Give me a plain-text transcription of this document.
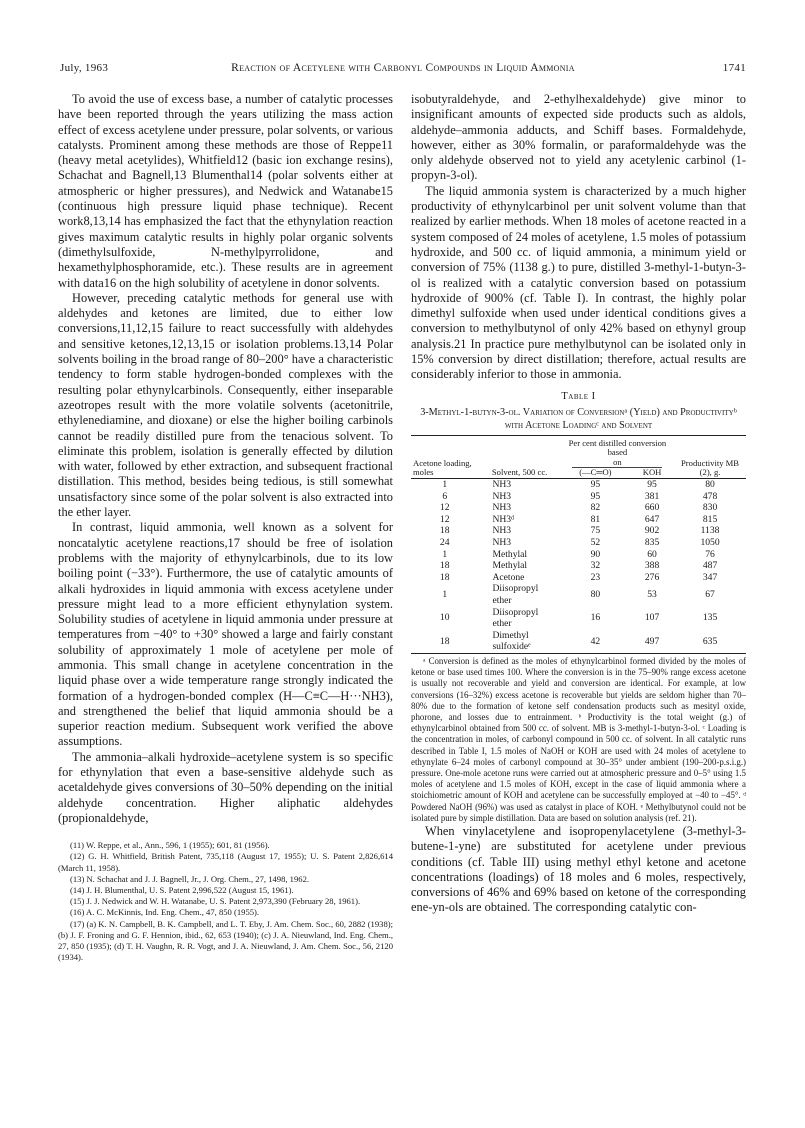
July, 1963	Reaction of Acetylene with Carbonyl Compounds in Liquid Ammonia	1741

To avoid the use of excess base, a number of catalytic processes have been reported through the years utilizing the mass action effect of excess acetylene under pressure, polar solvents, or various catalysts. Prominent among these methods are those of Reppe11 (heavy metal acetylides), Whitfield12 (basic ion exchange resins), Schachat and Bagnell,13 Blumenthal14 (polar solvents either at atmospheric or higher pressures), and Nedwick and Watanabe15 (continuous high pressure liquid phase technique). Recent work8,13,14 has emphasized the fact that the ethynylation reaction gives maximum catalytic results in highly polar organic solvents (dimethylsulfoxide, N-methylpyrrolidone, and hexamethylphosphoramide, etc.). These results are in agreement with data16 on the high solubility of acetylene in donor solvents.

However, preceding catalytic methods for general use with aldehydes and ketones are limited, due to either low conversions,11,12,15 failure to react successfully with aldehydes and sensitive ketones,12,13,15 or isolation problems.13,14 Polar solvents boiling in the broad range of 80–200° have a characteristic tendency to form stable hydrogen-bonded complexes with the resulting polar ethynylcarbinols. Consequently, either inseparable azeotropes result with the more volatile solvents (acetonitrile, ethylenediamine, and dioxane) or else the higher boiling carbinols cannot be readily distilled pure from the tenacious solvent. To eliminate this problem, isolation is generally effected by dilution with water, followed by ether extraction, and subsequent fractional distillation. This method, besides being tedious, is still somewhat unsatisfactory since some of the polar solvent is also extracted into the ether layer.

In contrast, liquid ammonia, well known as a solvent for noncatalytic acetylene reactions,17 should be free of isolation problems with the majority of ethynylcarbinols, due to its low boiling point (−33°). Furthermore, the use of catalytic amounts of alkali hydroxides in liquid ammonia with excess acetylene under pressure might lead to a more efficient ethynylation system. Solubility studies of acetylene in liquid ammonia under pressure at temperatures from −40° to +30° showed a large and fairly constant solubility of approximately 1 mole of acetylene per mole of ammonia. This small change in acetylene concentration in the liquid phase over a wide temperature range strongly indicated the formation of a hydrogen-bonded complex (H—C≡C—H···NH3), and strengthened the belief that liquid ammonia should be a superior reaction medium. Subsequent work verified the above assumptions.

The ammonia–alkali hydroxide–acetylene system is so specific for ethynylation that even a base-sensitive aldehyde such as acetaldehyde gives conversions of 30–50% depending on the initial aldehyde concentration. Higher aliphatic aldehydes (propionaldehyde,

(11) W. Reppe, et al., Ann., 596, 1 (1955); 601, 81 (1956).
(12) G. H. Whitfield, British Patent, 735,118 (August 17, 1955); U. S. Patent 2,826,614 (March 11, 1958).
(13) N. Schachat and J. J. Bagnell, Jr., J. Org. Chem., 27, 1498, 1962.
(14) J. H. Blumenthal, U. S. Patent 2,996,522 (August 15, 1961).
(15) J. J. Nedwick and W. H. Watanabe, U. S. Patent 2,973,390 (February 28, 1961).
(16) A. C. McKinnis, Ind. Eng. Chem., 47, 850 (1955).
(17) (a) K. N. Campbell, B. K. Campbell, and L. T. Eby, J. Am. Chem. Soc., 60, 2882 (1938); (b) J. F. Froning and G. F. Hennion, ibid., 62, 653 (1940); (c) J. A. Nieuwland, Ind. Eng. Chem., 27, 850 (1935); (d) T. H. Vaughn, R. R. Vogt, and J. A. Nieuwland, J. Am. Chem. Soc., 56, 2120 (1934).

isobutyraldehyde, and 2-ethylhexaldehyde) give minor to insignificant amounts of expected side products such as aldols, aldehyde–ammonia adducts, and Schiff bases. Formaldehyde, however, either as 30% formalin, or paraformaldehyde was the only aldehyde observed not to yield any acetylenic carbinol (1-propyn-3-ol).

The liquid ammonia system is characterized by a much higher productivity of ethynylcarbinol per unit solvent volume than that realized by earlier methods. When 18 moles of acetone reacted in a system composed of 24 moles of acetylene, 1.5 moles of potassium hydroxide, and 500 cc. of liquid ammonia, a minimum yield or conversion of 75% (1138 g.) to pure, distilled 3-methyl-1-butyn-3-ol is realized with a catalytic conversion based on potassium hydroxide of 900% (cf. Table I). In contrast, the highly polar dimethyl sulfoxide when used under identical conditions gives a conversion to methylbutynol of only 42% based on ethynyl group analysis.21 In practice pure methylbutynol can be isolated only in 15% conversion by direct distillation; therefore, actual results are considerably inferior to those in ammonia.

Table I
3-Methyl-1-butyn-3-ol. Variation of Conversionᵃ (Yield) and Productivityᵇ with Acetone Loadingᶜ and Solvent
Acetone loading, moles	Solvent, 500 cc.	Per cent distilled conversion based		Productivity MB (2), g.
		on		
		(—C═O)	KOH	
1	NH3	95	95	80
6	NH3	95	381	478
12	NH3	82	660	830
12	NH3ᵈ	81	647	815
18	NH3	75	902	1138
24	NH3	52	835	1050
1	Methylal	90	60	76
18	Methylal	32	388	487
18	Acetone	23	276	347
1	Diisopropyl ether	80	53	67
10	Diisopropyl ether	16	107	135
18	Dimethyl sulfoxideᵉ	42	497	635
ᵃ Conversion is defined as the moles of ethynylcarbinol formed divided by the moles of ketone or base used times 100. Where the conversion is in the 75–90% range excess acetone is usually not recoverable and yield and conversion are identical. For example, at low conversions (16–32%) excess acetone is recoverable but yields are seldom higher than 70–80% due to the formation of ketone self condensation products such as mesityl oxide, phorone, and losses due to entrainment. ᵇ Productivity is the total weight (g.) of ethynylcarbinol obtained from 500 cc. of solvent. MB is 3-methyl-1-butyn-3-ol. ᶜ Loading is the concentration in moles, of carbonyl compound in 500 cc. of solvent. In all catalytic runs described in Table I, 1.5 moles of NaOH or KOH are used with 24 moles of acetylene to ethynylate 6–24 moles of carbonyl compound at 30–35° under ambient (190–200-p.s.i.g.) pressure. One-mole acetone runs were carried out at atmospheric pressure and 0–5° using 1.5 moles of acetylene and 1.5 moles of KOH, except in the case of liquid ammonia where a stoichiometric amount of KOH and acetylene can be successfully employed at −40 to −45°. ᵈ Powdered NaOH (96%) was used as catalyst in place of KOH. ᵉ Methylbutynol could not be isolated pure by simple distillation. Data are based on solution analysis (ref. 21).

When vinylacetylene and isopropenylacetylene (3-methyl-3-butene-1-yne) are substituted for acetylene under previous conditions (cf. Table III) using methyl ethyl ketone and acetone concentrations (loadings) of 18 moles and 6 moles, respectively, conversions of 46% and 69% based on ketone of the corresponding ene-yn-ols are obtained. The corresponding catalytic con-
